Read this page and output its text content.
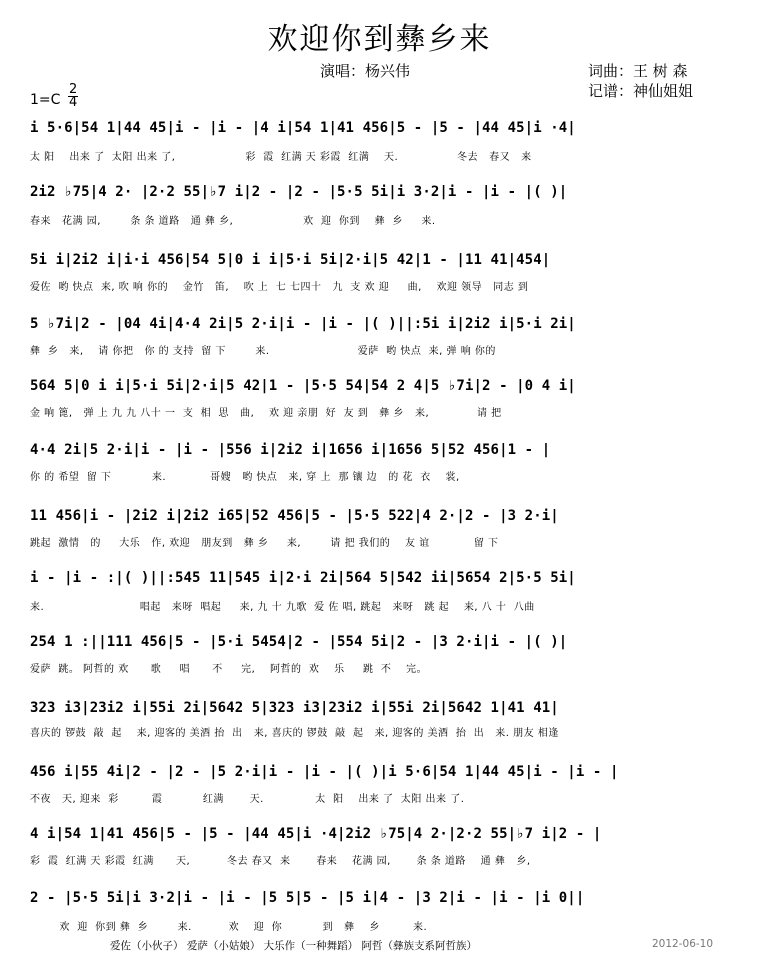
欢迎你到彝乡来
演唱：杨兴伟	词曲：王 树 森
记谱：神仙姐姐
1=C
2
4
i 5·6|54 1|44 45|i - |i - |4 i|54 1|41 456|5 - |5 - |44 45|i ·4|
太 阳    出来 了  太阳 出来 了,                   彩  霞  红满 天 彩霞  红满    天.                冬去   春又   来
2i2 ♭75|4 2· |2·2 55|♭7 i|2 - |2 - |5·5 5i|i 3·2|i - |i - |( )|
春来   花满 园,        条 条 道路   通 彝 乡,                   欢  迎  你到    彝  乡     来.
5i i|2i2 i|i·i 456|54 5|0 i i|5·i 5i|2·i|5 42|1 - |11 41|454|
爱佐  哟 快点  来, 吹 响 你的    金竹   笛,    吹 上  七 七四十   九  支 欢 迎     曲,    欢迎 领导   同志 到
5 ♭7i|2 - |04 4i|4·4 2i|5 2·i|i - |i - |( )||:5i i|2i2 i|5·i 2i|
彝  乡   来,    请 你把   你 的 支持  留 下        来.                        爱萨  哟 快点  来, 弹 响 你的
564 5|0 i i|5·i 5i|2·i|5 42|1 - |5·5 54|54 2 4|5 ♭7i|2 - |0 4 i|
金 响 篦,   弹 上 九 九 八十 一  支  相  思   曲,    欢 迎 亲朋  好  友 到   彝 乡   来,             请 把
4·4 2i|5 2·i|i - |i - |556 i|2i2 i|1656 i|1656 5|52 456|1 - |
你 的 希望  留 下           来.            哥嫂   哟 快点   来, 穿 上  那 镶 边   的 花  衣    裳,
11 456|i - |2i2 i|2i2 i65|52 456|5 - |5·5 522|4 2·|2 - |3 2·i|
跳起  激情   的     大乐   作, 欢迎   朋友到   彝 乡     来,        请 把 我们的    友 谊            留 下
i - |i - :|( )||:545 11|545 i|2·i 2i|564 5|542 ii|5654 2|5·5 5i|
来.                          唱起   来呀  唱起     来, 九 十 九歌  爱 佐 唱, 跳起   来呀   跳 起    来, 八 十  八曲
254 1 :||111 456|5 - |5·i 5454|2 - |554 5i|2 - |3 2·i|i - |( )|
爱萨  跳。 阿哲的 欢      歌     唱      不     完,    阿哲的  欢    乐     跳  不    完。
323 i3|23i2 i|55i 2i|5642 5|323 i3|23i2 i|55i 2i|5642 1|41 41|
喜庆的 锣鼓  敲  起    来, 迎客的 美酒 抬  出   来, 喜庆的 锣鼓  敲  起   来, 迎客的 美酒  抬  出   来. 朋友 相逢
456 i|55 4i|2 - |2 - |5 2·i|i - |i - |( )|i 5·6|54 1|44 45|i - |i - |
不夜   天, 迎来  彩         霞           红满       天.              太  阳    出来 了  太阳 出来 了.
4 i|54 1|41 456|5 - |5 - |44 45|i ·4|2i2 ♭75|4 2·|2·2 55|♭7 i|2 - |
彩  霞  红满 天 彩霞  红满      天,          冬去 春又  来       春来    花满 园,       条 条 道路    通 彝   乡,
2 - |5·5 5i|i 3·2|i - |i - |5 5|5 - |5 i|4 - |3 2|i - |i - |i 0||
欢  迎  你到 彝  乡        来.          欢    迎  你           到   彝    乡         来.
爱佐（小伙子） 爱萨（小姑娘） 大乐作（一种舞蹈） 阿哲（彝族支系阿哲族）	2012-06-10
